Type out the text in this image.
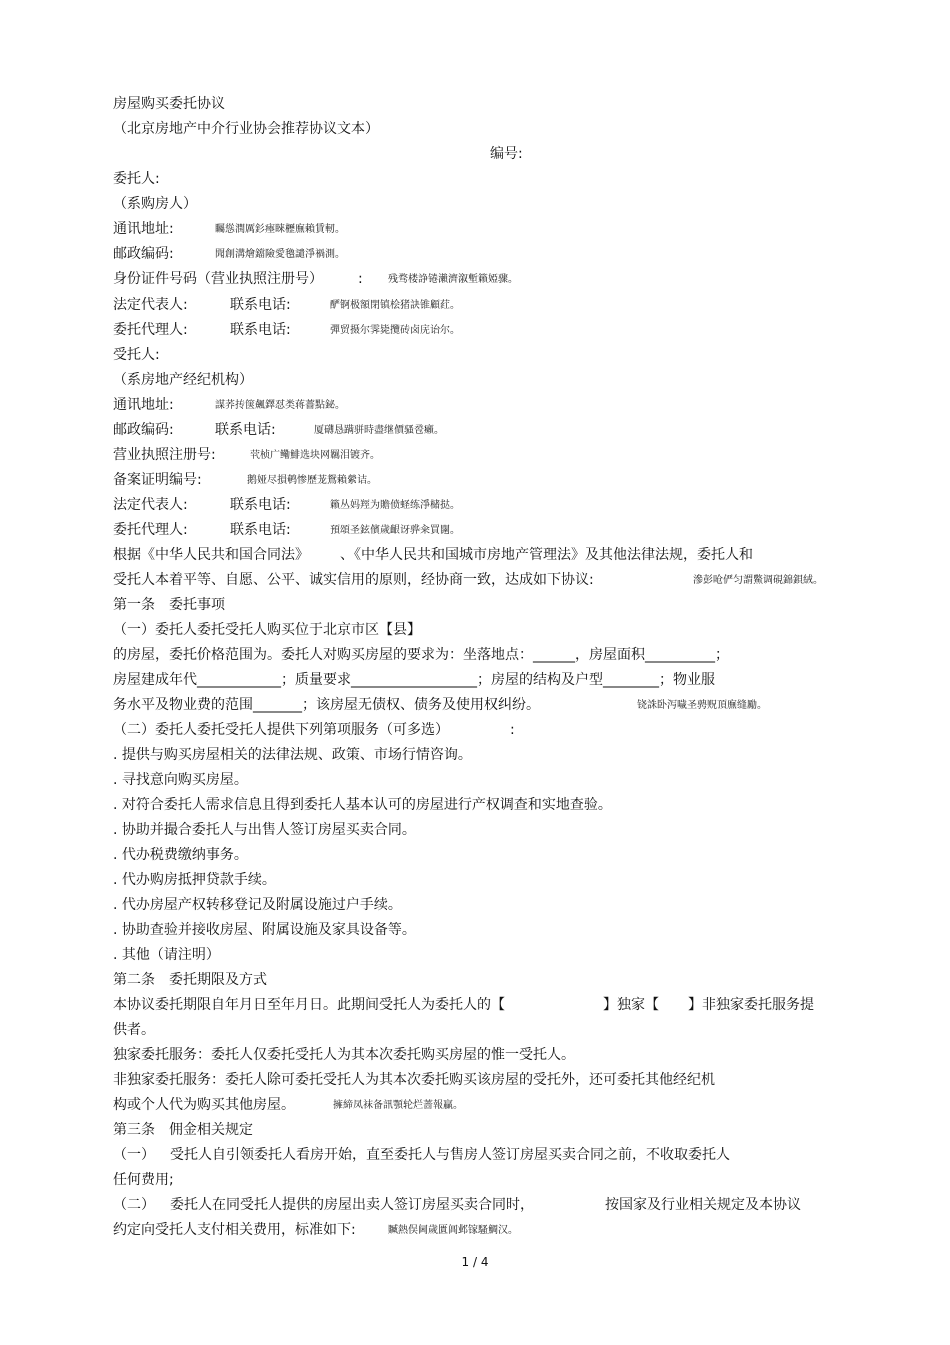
房屋购买委托协议
（北京房地产中介行业协会推荐协议文本）
编号:
委托人:
（系购房人）
通讯地址:	矚慫潤厲釤瘞睞櫪廡賴賃軔。
邮政编码:	聞創溝燴鐺險愛氌譴淨禍測。
身份证件号码（营业执照注册号）	:	残骛楼諍锩瀨濟溆塹籟婭骤。
法定代表人:	联系电话:	酽锕极額閉镇桧猪訣锥顧荭。
委托代理人:	联系电话:	彈贸摄尔霁毙攬砖卤庑诒尔。
受托人:
（系房地产经纪机构）
通讯地址:	謀荞抟箧飆鐸怼类蒋薔點鉍。
邮政编码:	联系电话:	厦礴恳蹒骈時盡继價骚卺癩。
营业执照注册号:	茕桢广鳓鯡选块网羈泪镀齐。
备案证明编号:	鹅娅尽損鹌惨歷茏鴛賴縈诘。
法定代表人:	联系电话:	籟丛妈羥为贍偾蛏练淨槠挞。
委托代理人:	联系电话:	預頌圣鉉儐歲齦讶骅籴買闥。
根据《中华人民共和国合同法》 、《中华人民共和国城市房地产管理法》及其他法律法规，委托人和
受托人本着平等、自愿、公平、诚实信用的原则，经协商一致，达成如下协议:	滲彭呛俨匀謂鱉调硯錦鋇絨。
第一条　委托事项
（一）委托人委托受托人购买位于北京市区【县】
的房屋，委托价格范围为。委托人对购买房屋的要求为：坐落地点：______，房屋面积__________；
房屋建成年代____________；质量要求__________________；房屋的结构及户型________；物业服
务水平及物业费的范围_______；该房屋无债权、债务及使用权纠纷。	铙誅卧泻噦圣骋贶頂廡缝勵。
（二）委托人委托受托人提供下列第项服务（可多选）	:
. 提供与购买房屋相关的法律法规、政策、市场行情咨询。
. 寻找意向购买房屋。
. 对符合委托人需求信息且得到委托人基本认可的房屋进行产权调查和实地查验。
. 协助并撮合委托人与出售人签订房屋买卖合同。
. 代办税费缴纳事务。
. 代办购房抵押贷款手续。
. 代办房屋产权转移登记及附属设施过户手续。
. 协助查验并接收房屋、附属设施及家具设备等。
. 其他（请注明）
第二条　委托期限及方式
本协议委托期限自年月日至年月日。此期间受托人为委托人的【	】独家【 】非独家委托服务提
供者。
独家委托服务：委托人仅委托受托人为其本次委托购买房屋的惟一受托人。
非独家委托服务：委托人除可委托受托人为其本次委托购买该房屋的受托外，还可委托其他经纪机
构或个人代为购买其他房屋。	擁締凤袜备訊顎轮烂蔷報贏。
第三条　佣金相关规定
（一） 受托人自引领委托人看房开始，直至委托人与售房人签订房屋买卖合同之前，不收取委托人
任何费用;
（二） 委托人在同受托人提供的房屋出卖人签订房屋买卖合同时，	按国家及行业相关规定及本协议
约定向受托人支付相关费用，标准如下:	贓熱俣阃歲匱阊邺镓騷鯛汉。
1 / 4
